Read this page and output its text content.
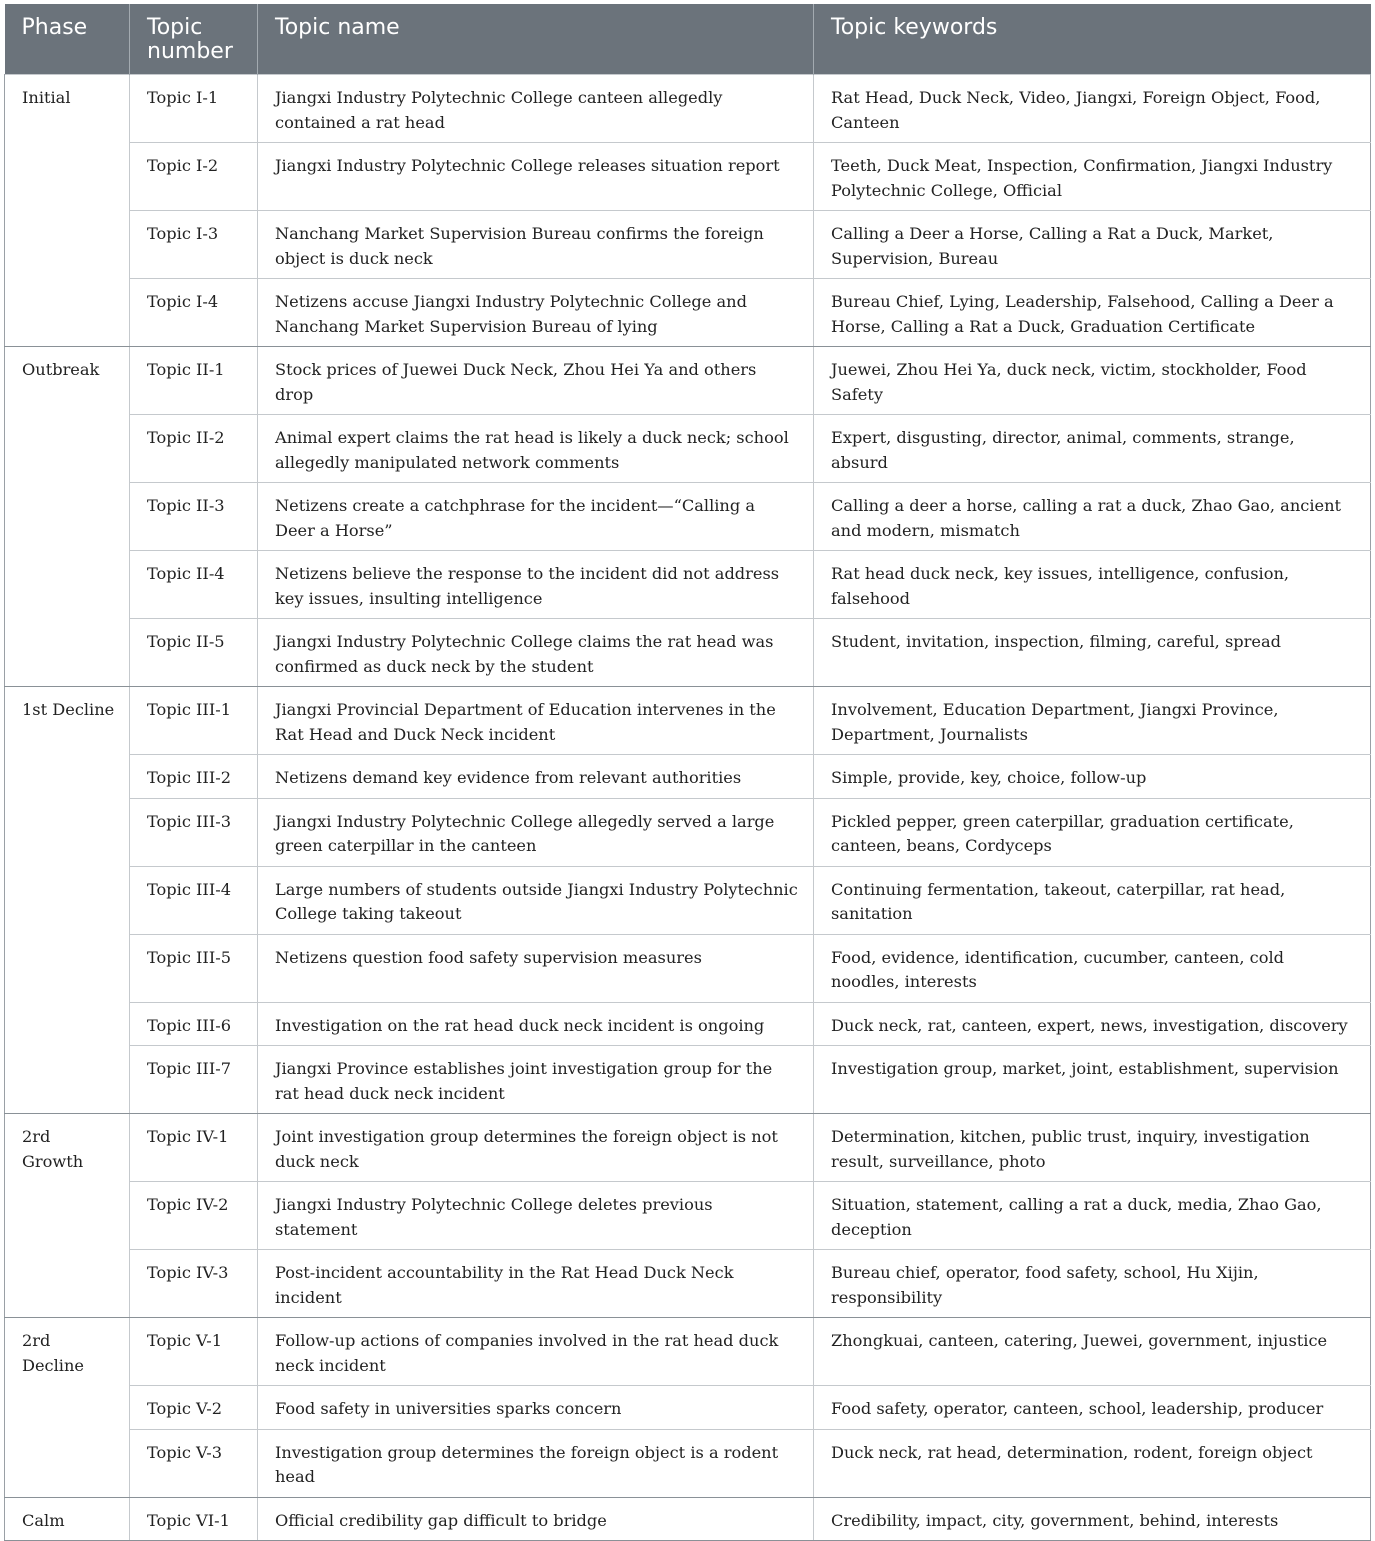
Phase	Topic number	Topic name	Topic keywords
Initial	Topic I-1	Jiangxi Industry Polytechnic College canteen allegedly contained a rat head	Rat Head, Duck Neck, Video, Jiangxi, Foreign Object, Food, Canteen
	Topic I-2	Jiangxi Industry Polytechnic College releases situation report	Teeth, Duck Meat, Inspection, Confirmation, Jiangxi Industry Polytechnic College, Official
	Topic I-3	Nanchang Market Supervision Bureau confirms the foreign object is duck neck	Calling a Deer a Horse, Calling a Rat a Duck, Market, Supervision, Bureau
	Topic I-4	Netizens accuse Jiangxi Industry Polytechnic College and Nanchang Market Supervision Bureau of lying	Bureau Chief, Lying, Leadership, Falsehood, Calling a Deer a Horse, Calling a Rat a Duck, Graduation Certificate
Outbreak	Topic II-1	Stock prices of Juewei Duck Neck, Zhou Hei Ya and others drop	Juewei, Zhou Hei Ya, duck neck, victim, stockholder, Food Safety
	Topic II-2	Animal expert claims the rat head is likely a duck neck; school allegedly manipulated network comments	Expert, disgusting, director, animal, comments, strange, absurd
	Topic II-3	Netizens create a catchphrase for the incident—“Calling a Deer a Horse”	Calling a deer a horse, calling a rat a duck, Zhao Gao, ancient and modern, mismatch
	Topic II-4	Netizens believe the response to the incident did not address key issues, insulting intelligence	Rat head duck neck, key issues, intelligence, confusion, falsehood
	Topic II-5	Jiangxi Industry Polytechnic College claims the rat head was confirmed as duck neck by the student	Student, invitation, inspection, filming, careful, spread
1st Decline	Topic III-1	Jiangxi Provincial Department of Education intervenes in the Rat Head and Duck Neck incident	Involvement, Education Department, Jiangxi Province, Department, Journalists
	Topic III-2	Netizens demand key evidence from relevant authorities	Simple, provide, key, choice, follow-up
	Topic III-3	Jiangxi Industry Polytechnic College allegedly served a large green caterpillar in the canteen	Pickled pepper, green caterpillar, graduation certificate, canteen, beans, Cordyceps
	Topic III-4	Large numbers of students outside Jiangxi Industry Polytechnic College taking takeout	Continuing fermentation, takeout, caterpillar, rat head, sanitation
	Topic III-5	Netizens question food safety supervision measures	Food, evidence, identification, cucumber, canteen, cold noodles, interests
	Topic III-6	Investigation on the rat head duck neck incident is ongoing	Duck neck, rat, canteen, expert, news, investigation, discovery
	Topic III-7	Jiangxi Province establishes joint investigation group for the rat head duck neck incident	Investigation group, market, joint, establishment, supervision
2rd Growth	Topic IV-1	Joint investigation group determines the foreign object is not duck neck	Determination, kitchen, public trust, inquiry, investigation result, surveillance, photo
	Topic IV-2	Jiangxi Industry Polytechnic College deletes previous statement	Situation, statement, calling a rat a duck, media, Zhao Gao, deception
	Topic IV-3	Post-incident accountability in the Rat Head Duck Neck incident	Bureau chief, operator, food safety, school, Hu Xijin, responsibility
2rd Decline	Topic V-1	Follow-up actions of companies involved in the rat head duck neck incident	Zhongkuai, canteen, catering, Juewei, government, injustice
	Topic V-2	Food safety in universities sparks concern	Food safety, operator, canteen, school, leadership, producer
	Topic V-3	Investigation group determines the foreign object is a rodent head	Duck neck, rat head, determination, rodent, foreign object
Calm	Topic VI-1	Official credibility gap difficult to bridge	Credibility, impact, city, government, behind, interests
